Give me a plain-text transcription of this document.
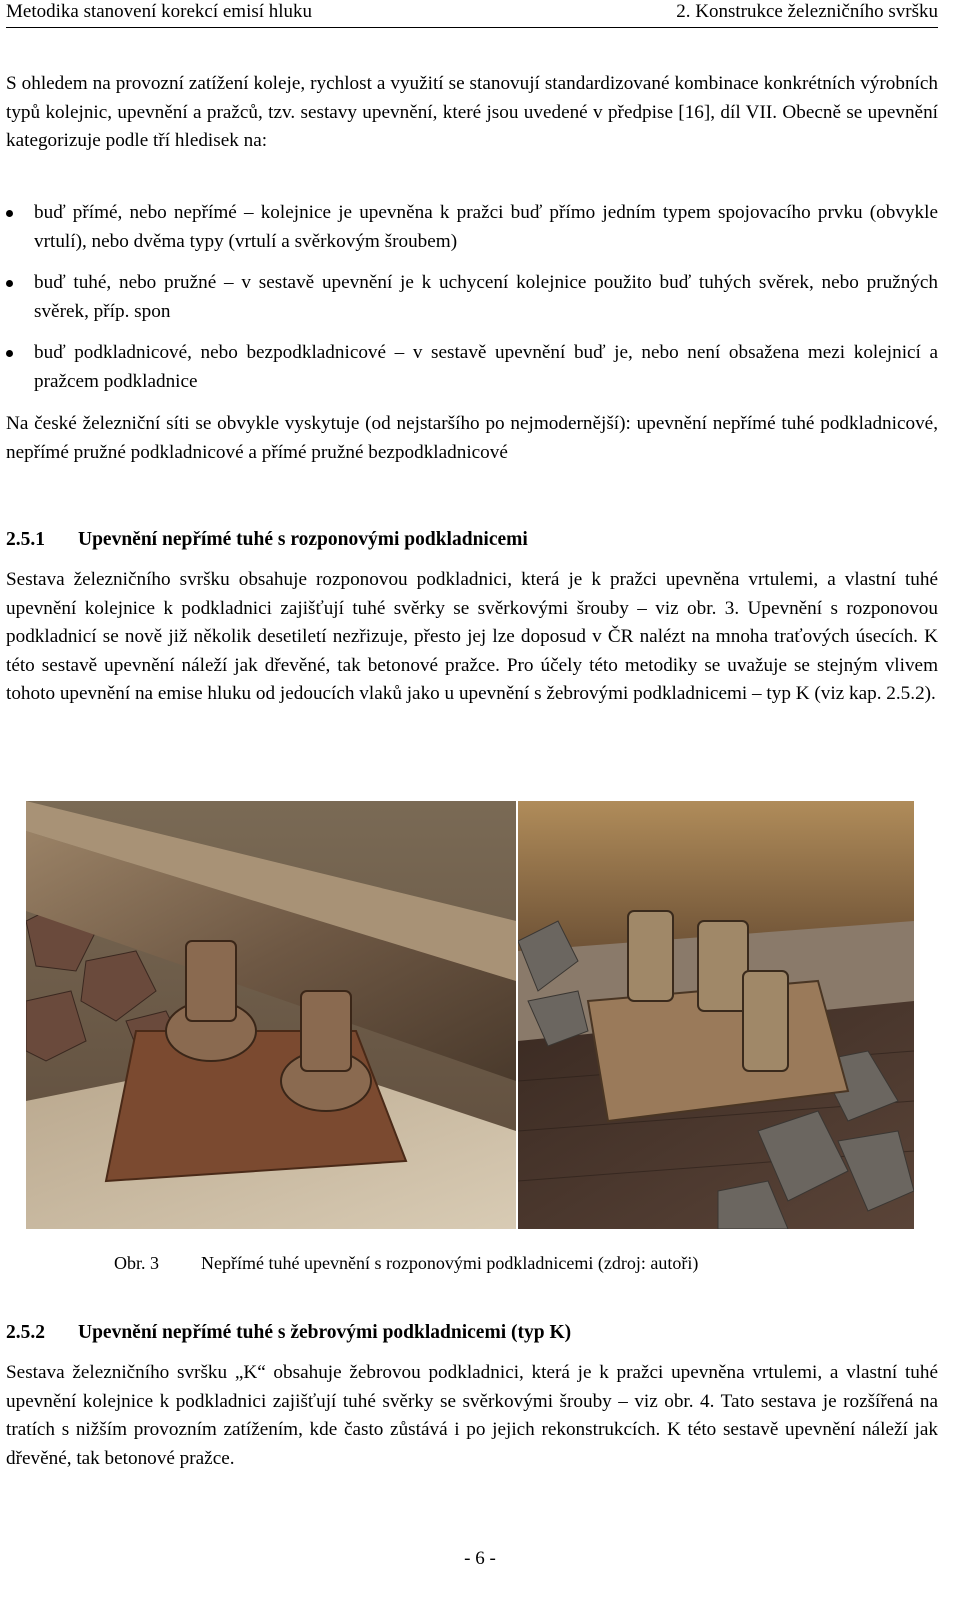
Metodika stanovení korekcí emisí hluku	2. Konstrukce železničního svršku

S ohledem na provozní zatížení koleje, rychlost a využití se stanovují standardizované kombinace konkrétních výrobních typů kolejnic, upevnění a pražců, tzv. sestavy upevnění, které jsou uvedené v předpise [16], díl VII. Obecně se upevnění kategorizuje podle tří hledisek na:

buď přímé, nebo nepřímé – kolejnice je upevněna k pražci buď přímo jedním typem spojovacího prvku (obvykle vrtulí), nebo dvěma typy (vrtulí a svěrkovým šroubem)
buď tuhé, nebo pružné – v sestavě upevnění je k uchycení kolejnice použito buď tuhých svěrek, nebo pružných svěrek, příp. spon
buď podkladnicové, nebo bezpodkladnicové – v sestavě upevnění buď je, nebo není obsažena mezi kolejnicí a pražcem podkladnice

Na české železniční síti se obvykle vyskytuje (od nejstaršího po nejmodernější): upevnění nepřímé tuhé podkladnicové, nepřímé pružné podkladnicové a přímé pružné bezpodkladnicové

2.5.1 Upevnění nepřímé tuhé s rozponovými podkladnicemi

Sestava železničního svršku obsahuje rozponovou podkladnici, která je k pražci upevněna vrtulemi, a vlastní tuhé upevnění kolejnice k podkladnici zajišťují tuhé svěrky se svěrkovými šrouby – viz obr. 3. Upevnění s rozponovou podkladnicí se nově již několik desetiletí nezřizuje, přesto jej lze doposud v ČR nalézt na mnoha traťových úsecích. K této sestavě upevnění náleží jak dřevěné, tak betonové pražce. Pro účely této metodiky se uvažuje se stejným vlivem tohoto upevnění na emise hluku od jedoucích vlaků jako u upevnění s žebrovými podkladnicemi – typ K (viz kap. 2.5.2).

Obr. 3 Nepřímé tuhé upevnění s rozponovými podkladnicemi (zdroj: autoři)
2.5.2 Upevnění nepřímé tuhé s žebrovými podkladnicemi (typ K)

Sestava železničního svršku „K“ obsahuje žebrovou podkladnici, která je k pražci upevněna vrtulemi, a vlastní tuhé upevnění kolejnice k podkladnici zajišťují tuhé svěrky se svěrkovými šrouby – viz obr. 4. Tato sestava je rozšířená na tratích s nižším provozním zatížením, kde často zůstává i po jejich rekonstrukcích. K této sestavě upevnění náleží jak dřevěné, tak betonové pražce.

- 6 -
